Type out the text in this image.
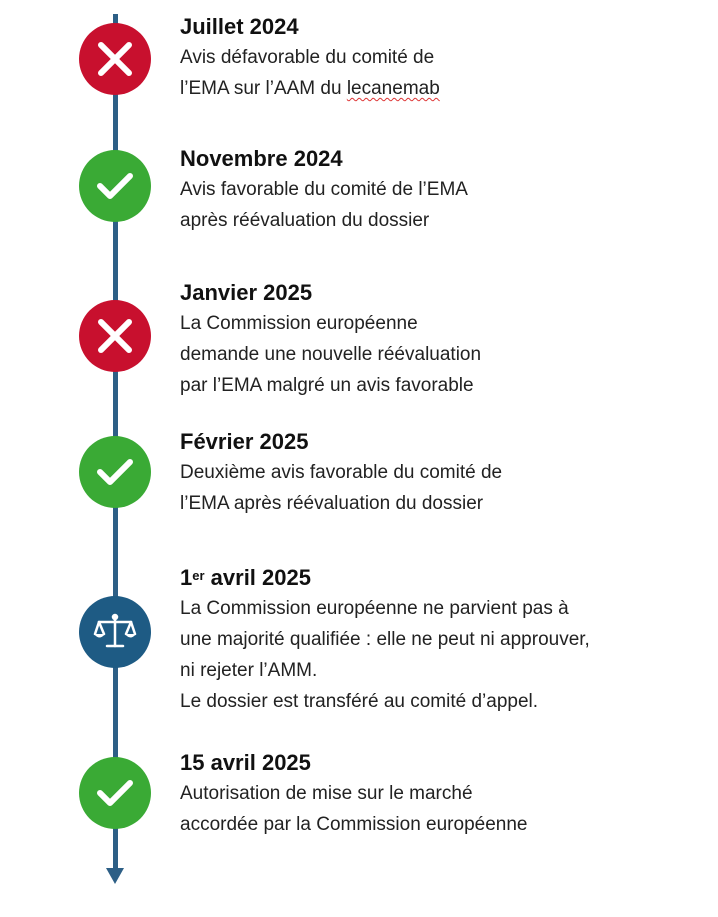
Juillet 2024

Avis défavorable du comité de
l’EMA sur l’AAM du lecanemab

Novembre 2024

Avis favorable du comité de l’EMA
après réévaluation du dossier

Janvier 2025

La Commission européenne
demande une nouvelle réévaluation
par l’EMA malgré un avis favorable

Février 2025

Deuxième avis favorable du comité de
l’EMA après réévaluation du dossier

1er avril 2025

La Commission européenne ne parvient pas à
une majorité qualifiée : elle ne peut ni approuver,
ni rejeter l’AMM.
Le dossier est transféré au comité d’appel.

15 avril 2025

Autorisation de mise sur le marché
accordée par la Commission européenne
